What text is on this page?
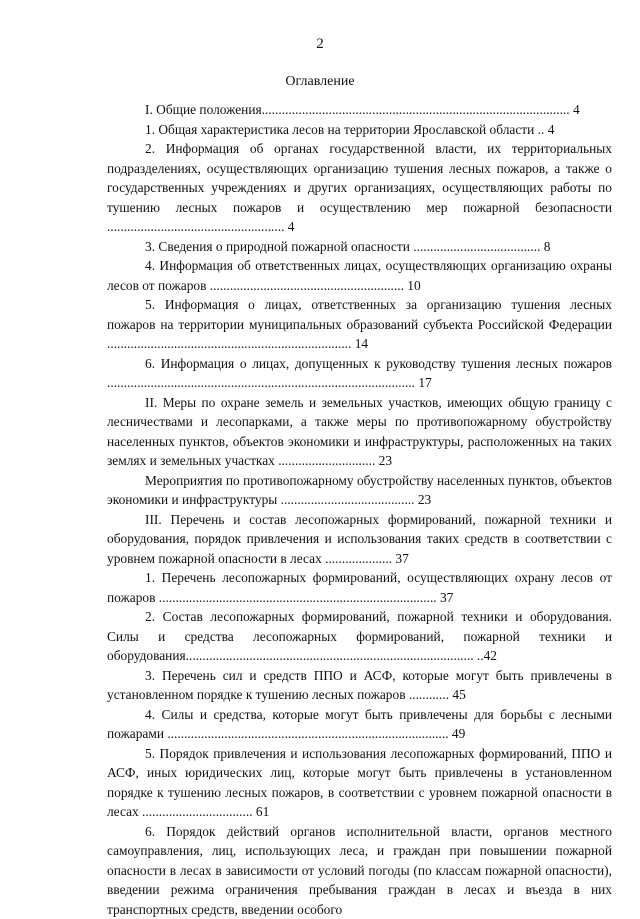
2
Оглавление

I. Общие положения............................................................................................ 4

1. Общая характеристика лесов на территории Ярославской области .. 4

2. Информация об органах государственной власти, их территориальных подразделениях, осуществляющих организацию тушения лесных пожаров, а также о государственных учреждениях и других организациях, осуществляющих работы по тушению лесных пожаров и осуществлению мер пожарной безопасности ..................................................... 4

3. Сведения о природной пожарной опасности ...................................... 8

4. Информация об ответственных лицах, осуществляющих организацию охраны лесов от пожаров .......................................................... 10

5. Информация о лицах, ответственных за организацию тушения лесных пожаров на территории муниципальных образований субъекта Российской Федерации ......................................................................... 14

6. Информация о лицах, допущенных к руководству тушения лесных пожаров ............................................................................................ 17

II. Меры по охране земель и земельных участков, имеющих общую границу с лесничествами и лесопарками, а также меры по противопожарному обустройству населенных пунктов, объектов экономики и инфраструктуры, расположенных на таких землях и земельных участках ............................. 23

Мероприятия по противопожарному обустройству населенных пунктов, объектов экономики и инфраструктуры ........................................ 23

III. Перечень и состав лесопожарных формирований, пожарной техники и оборудования, порядок привлечения и использования таких средств в соответствии с уровнем пожарной опасности в лесах .................... 37

1. Перечень лесопожарных формирований, осуществляющих охрану лесов от пожаров ................................................................................... 37

2. Состав лесопожарных формирований, пожарной техники и оборудования. Силы и средства лесопожарных формирований, пожарной техники и оборудования...................................................................................... ..42

3. Перечень сил и средств ППО и АСФ, которые могут быть привлечены в установленном порядке к тушению лесных пожаров ............ 45

4. Силы и средства, которые могут быть привлечены для борьбы с лесными пожарами .................................................................................... 49

5. Порядок привлечения и использования лесопожарных формирований, ППО и АСФ, иных юридических лиц, которые могут быть привлечены в установленном порядке к тушению лесных пожаров, в соответствии с уровнем пожарной опасности в лесах ................................. 61

6. Порядок действий органов исполнительной власти, органов местного самоуправления, лиц, использующих леса, и граждан при повышении пожарной опасности в лесах в зависимости от условий погоды (по классам пожарной опасности), введении режима ограничения пребывания граждан в лесах и въезда в них транспортных средств, введении особого
